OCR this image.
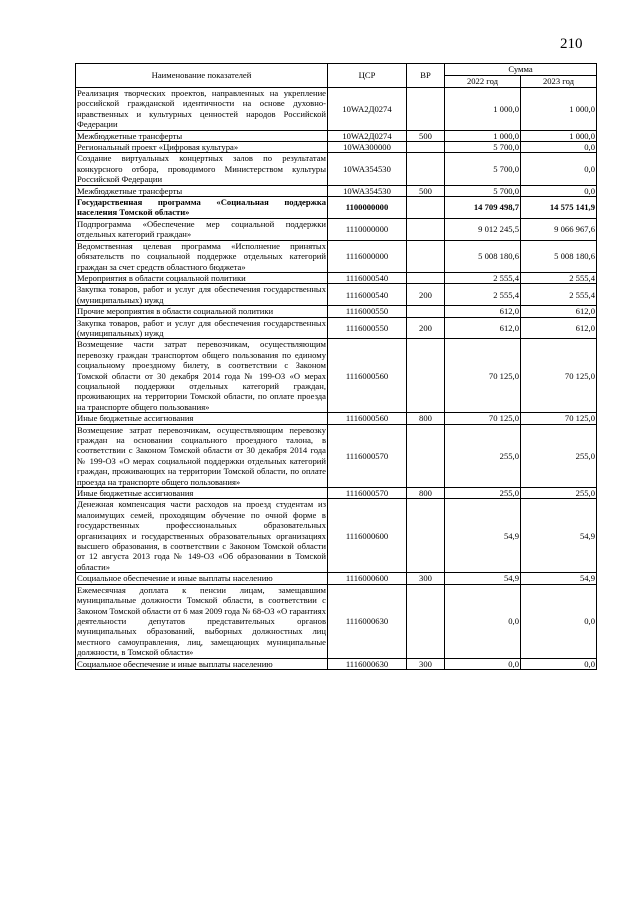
210
Наименование показателей	ЦСР	ВР	Сумма	
			2022 год	2023 год
Реализация творческих проектов, направленных на укрепление российской гражданской идентичности на основе духовно-нравственных и культурных ценностей народов Российской Федерации	10WA2Д0274		1 000,0	1 000,0
Межбюджетные трансферты	10WA2Д0274	500	1 000,0	1 000,0
Региональный проект «Цифровая культура»	10WA300000		5 700,0	0,0
Создание виртуальных концертных залов по результатам конкурсного отбора, проводимого Министерством культуры Российской Федерации	10WA354530		5 700,0	0,0
Межбюджетные трансферты	10WA354530	500	5 700,0	0,0
Государственная программа «Социальная поддержка населения Томской области»	1100000000		14 709 498,7	14 575 141,9
Подпрограмма «Обеспечение мер социальной поддержки отдельных категорий граждан»	1110000000		9 012 245,5	9 066 967,6
Ведомственная целевая программа «Исполнение принятых обязательств по социальной поддержке отдельных категорий граждан за счет средств областного бюджета»	1116000000		5 008 180,6	5 008 180,6
Мероприятия в области социальной политики	1116000540		2 555,4	2 555,4
Закупка товаров, работ и услуг для обеспечения государственных (муниципальных) нужд	1116000540	200	2 555,4	2 555,4
Прочие мероприятия в области социальной политики	1116000550		612,0	612,0
Закупка товаров, работ и услуг для обеспечения государственных (муниципальных) нужд	1116000550	200	612,0	612,0
Возмещение части затрат перевозчикам, осуществляющим перевозку граждан транспортом общего пользования по единому социальному проездному билету, в соответствии с Законом Томской области от 30 декабря 2014 года № 199-ОЗ «О мерах социальной поддержки отдельных категорий граждан, проживающих на территории Томской области, по оплате проезда на транспорте общего пользования»	1116000560		70 125,0	70 125,0
Иные бюджетные ассигнования	1116000560	800	70 125,0	70 125,0
Возмещение затрат перевозчикам, осуществляющим перевозку граждан на основании социального проездного талона, в соответствии с Законом Томской области от 30 декабря 2014 года № 199-ОЗ «О мерах социальной поддержки отдельных категорий граждан, проживающих на территории Томской области, по оплате проезда на транспорте общего пользования»	1116000570		255,0	255,0
Иные бюджетные ассигнования	1116000570	800	255,0	255,0
Денежная компенсация части расходов на проезд студентам из малоимущих семей, проходящим обучение по очной форме в государственных профессиональных образовательных организациях и государственных образовательных организациях высшего образования, в соответствии с Законом Томской области от 12 августа 2013 года № 149-ОЗ «Об образовании в Томской области»	1116000600		54,9	54,9
Социальное обеспечение и иные выплаты населению	1116000600	300	54,9	54,9
Ежемесячная доплата к пенсии лицам, замещавшим муниципальные должности Томской области, в соответствии с Законом Томской области от 6 мая 2009 года № 68-ОЗ «О гарантиях деятельности депутатов представительных органов муниципальных образований, выборных должностных лиц местного самоуправления, лиц, замещающих муниципальные должности, в Томской области»	1116000630		0,0	0,0
Социальное обеспечение и иные выплаты населению	1116000630	300	0,0	0,0
